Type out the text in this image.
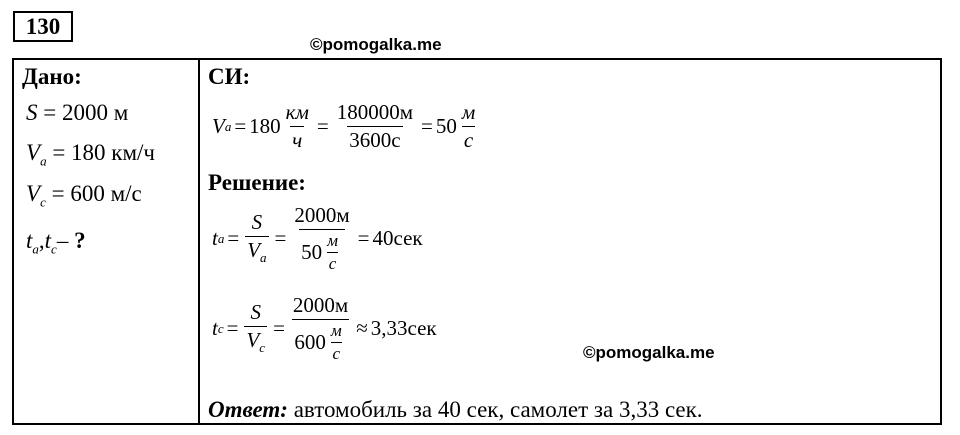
130
©pomogalka.me
©pomogalka.me
Дано:
S = 2000 м
$V_a = 180$ км/ч
$V_c = 600$ м/с
$t_a,t_c-$ ?
СИ:
V $a = 180 \frac{км}{ч} = \frac{180000м}{3600с} = 50 \frac{м}{с}$
Решение:
t $a = \frac{S}{V_a} = \frac{2000м}{50 \frac{м}{с}} = 40сек$
t $c = \frac{S}{V_c} = \frac{2000м}{600 \frac{м}{с}} \approx 3,33сек$
Ответ: автомобиль за 40 сек, самолет за 3,33 сек.
